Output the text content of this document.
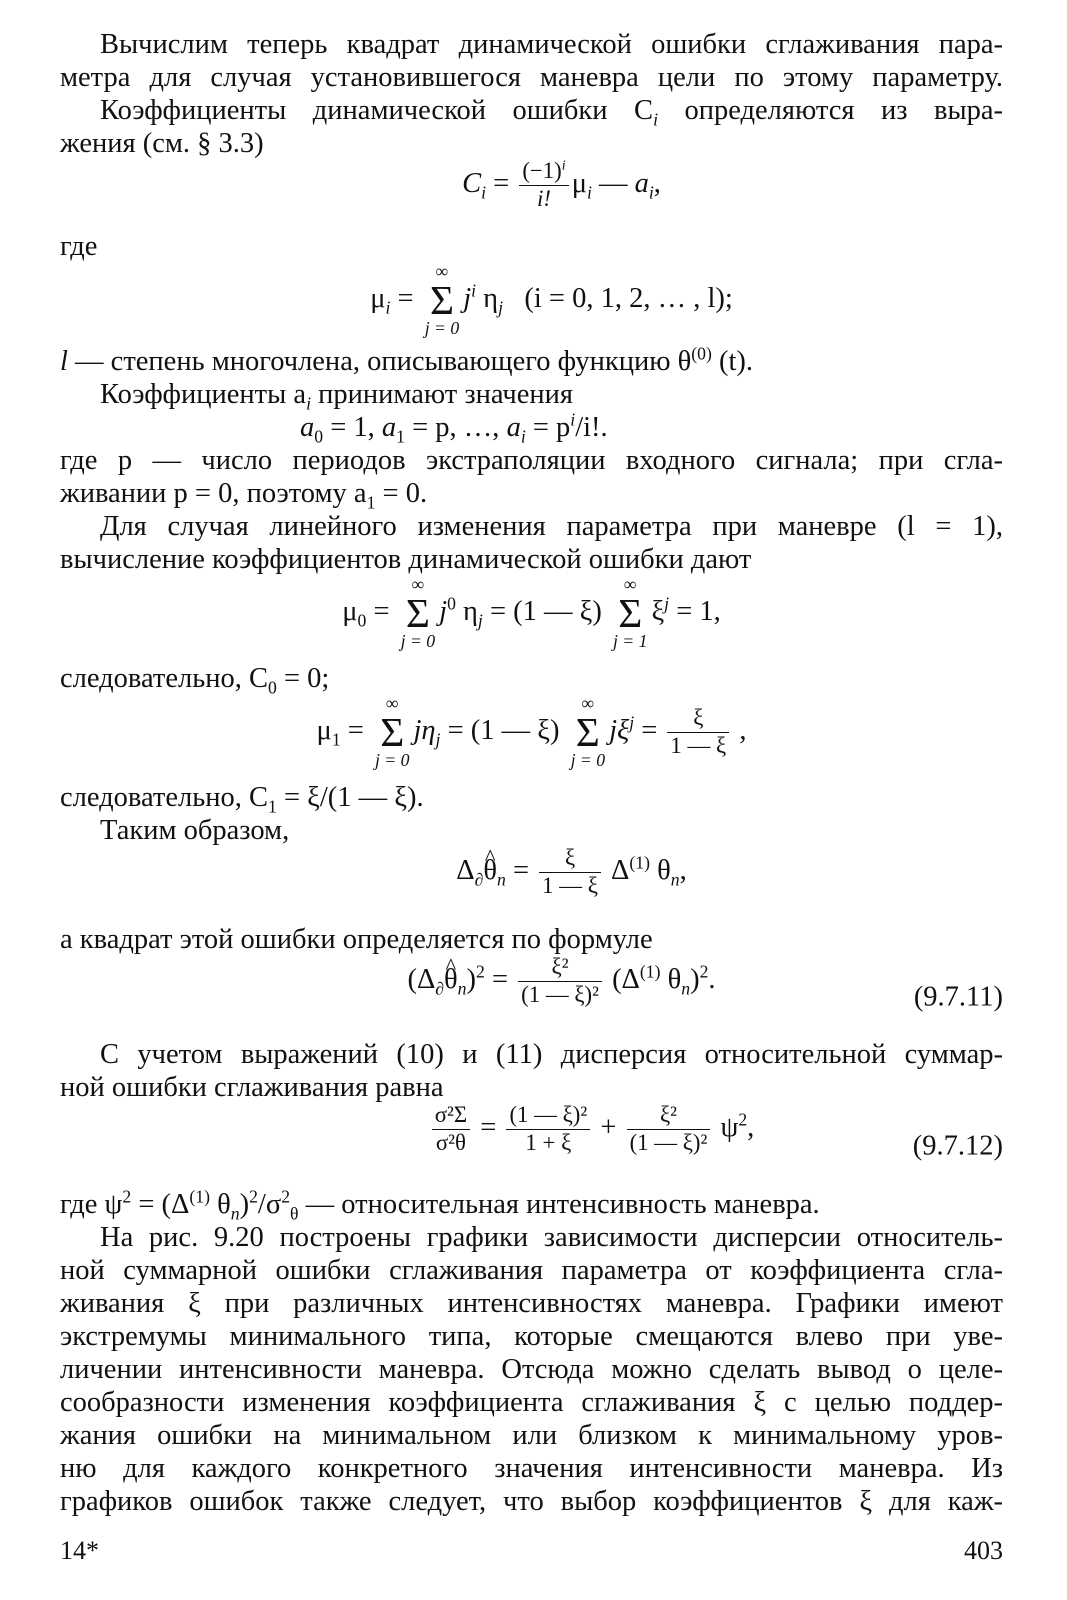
Вычислим теперь квадрат динамической ошибки сглаживания пара-

метра для случая установившегося маневра цели по этому параметру.

Коэффициенты динамической ошибки $C_i$ определяются из выра-

жения (см. § 3.3)

$C_i = \frac{(-1)^i}{i!} \mu_i$ — $a_i$,

где

$\mu_i$ =
∞
Σ
j = 0
$j^i$ $\eta_j$ (i = 0, 1, 2, … , l);

l — степень многочлена, описывающего функцию $\theta^{(0)}$ (t).

Коэффициенты $a_i$ принимают значения

$a_0 = 1$, $a_1 = p$, …, $a_i = p^i/i$!.

где p — число периодов экстраполяции входного сигнала; при сгла-

живании p = 0, поэтому $a_1 = 0$.

Для случая линейного изменения параметра при маневре (l = 1),

вычисление коэффициентов динамической ошибки дают

$\mu_0$ =
∞
Σ
j = 0
$j^0$ $\eta_j = (1$ — ξ)
∞
Σ
j = 1
$\xi^j = 1$,

следовательно, $C_0 = 0$;

$\mu_1$ =
∞
Σ
j = 0
$j\eta_j = (1$ — ξ)
∞
Σ
j = 0
$j\xi^j = \frac{\xi}{1 — \xi}$ ,

следовательно, $C_1 = \xi/(1$ — ξ).

Таким образом,

$\Delta_\partial\^{}$ $\theta_n = \frac{\xi}{1 — \xi} \Delta^{(1)}$ $\theta_n$,

а квадрат этой ошибки определяется по формуле

($\Delta_\partial\^{}$ $\theta_n)^2 = \frac{\text{ξ²}}{\text{(1 — ξ)²}} (\Delta^{(1)}$ $\theta_n)^2$.
(9.7.11)

С учетом выражений (10) и (11) дисперсия относительной суммар-

ной ошибки сглаживания равна

$\frac{\text{σ²Σ}}{\text{σ²θ}} = \frac{\text{(1 — ξ)²}}{1 + \xi} + \frac{\text{ξ²}}{\text{(1 — ξ)²}} \psi^2$,
(9.7.12)

где $\psi^2 = (\Delta^{(1)}$ $\theta_n)^2/\sigma^2_\theta$ — относительная интенсивность маневра.

На рис. 9.20 построены графики зависимости дисперсии относитель-

ной суммарной ошибки сглаживания параметра от коэффициента сгла-

живания ξ при различных интенсивностях маневра. Графики имеют

экстремумы минимального типа, которые смещаются влево при уве-

личении интенсивности маневра. Отсюда можно сделать вывод о целе-

сообразности изменения коэффициента сглаживания ξ с целью поддер-

жания ошибки на минимальном или близком к минимальному уров-

ню для каждого конкретного значения интенсивности маневра. Из

графиков ошибок также следует, что выбор коэффициентов ξ для каж-

14*	403
